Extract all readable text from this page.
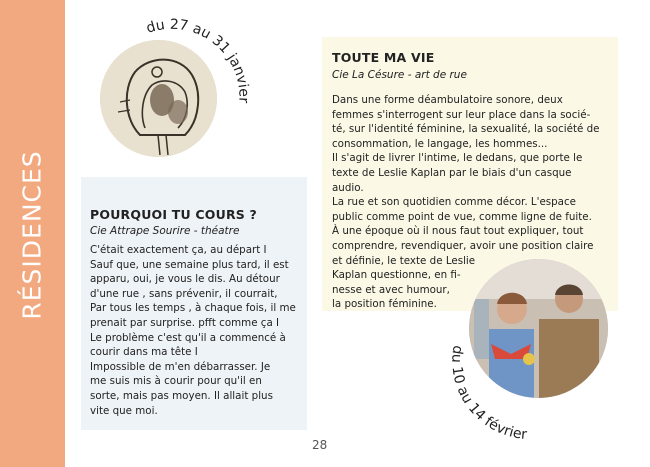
RÉSIDENCES
du 27 au 31 janvier
POURQUOI TU COURS ?
Cie Attrape Sourire - théatre
C'était exactement ça, au départ I
Sauf que, une semaine plus tard, il est
apparu, oui, je vous le dis. Au détour
d'une rue , sans prévenir, il courrait,
Par tous les temps , à chaque fois, il me
prenait par surprise. pfft comme ça I
Le problème c'est qu'il a commencé à
courir dans ma tête I
Impossible de m'en débarrasser. Je
me suis mis à courir pour qu'il en
sorte, mais pas moyen. Il allait plus
vite que moi.
TOUTE MA VIE
Cie La Césure - art de rue
Dans une forme déambulatoire sonore, deux
femmes s'interrogent sur leur place dans la socié-
té, sur l'identité féminine, la sexualité, la société de
consommation, le langage, les hommes...
Il s'agit de livrer l'intime, le dedans, que porte le
texte de Leslie Kaplan par le biais d'un casque
audio.
La rue et son quotidien comme décor. L'espace
public comme point de vue, comme ligne de fuite.
À une époque où il nous faut tout expliquer, tout
comprendre, revendiquer, avoir une position claire
et définie, le texte de Leslie
Kaplan questionne, en fi-
nesse et avec humour,
la position féminine.
du 10 au 14 février
28
